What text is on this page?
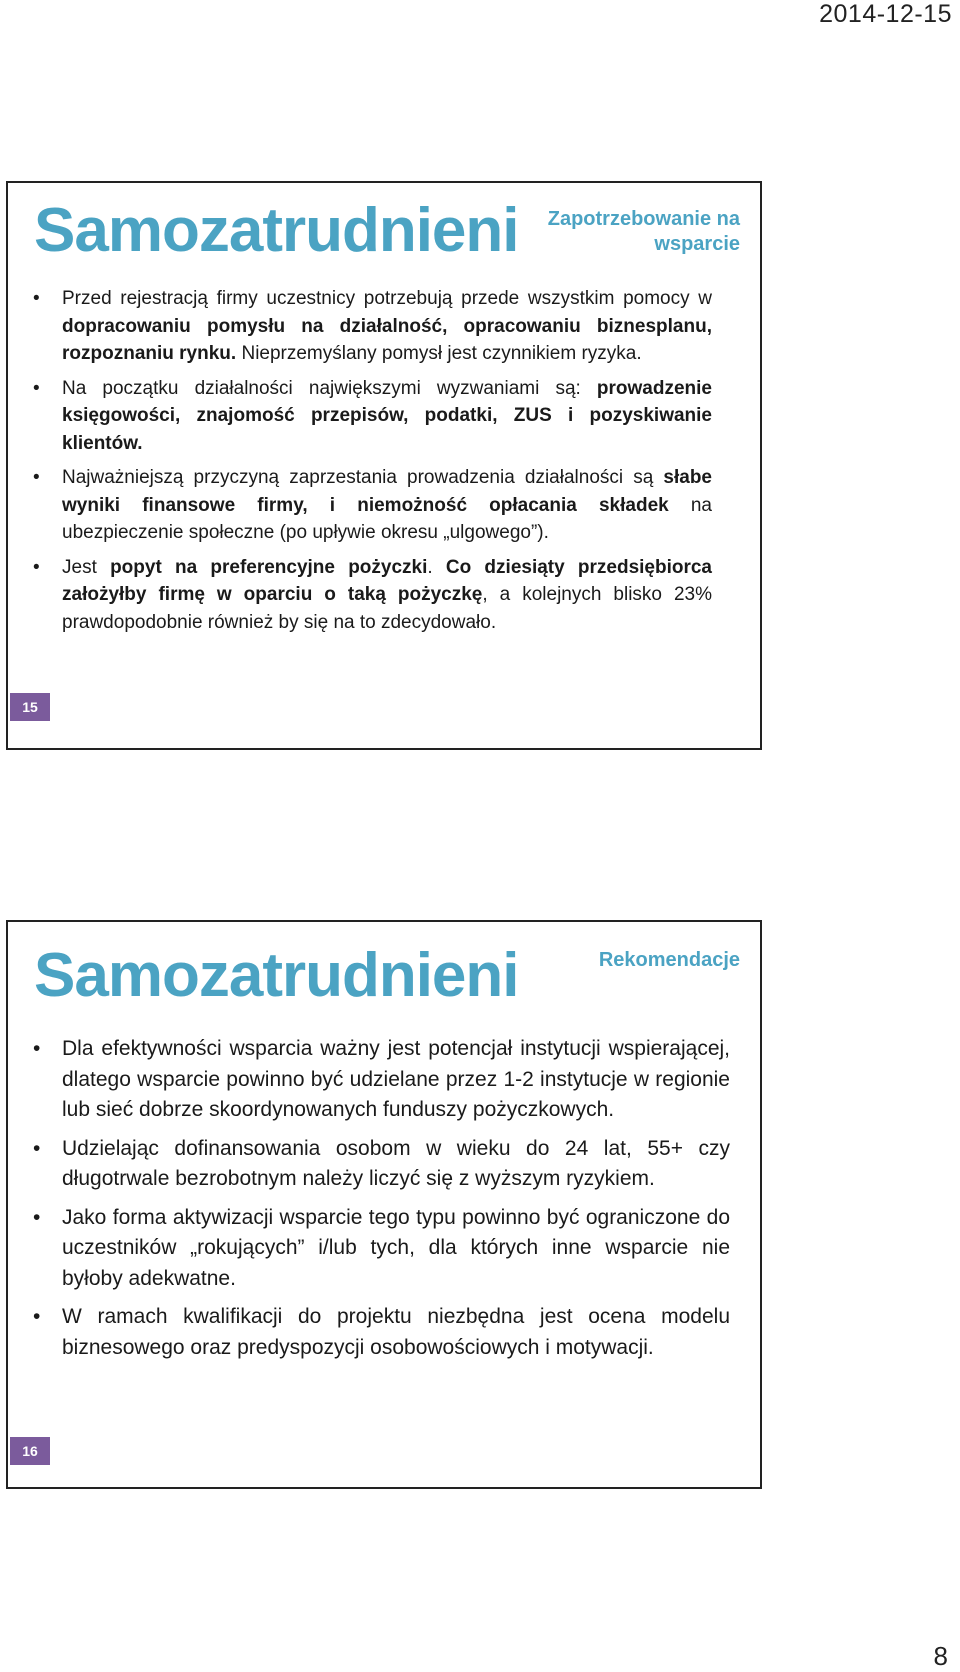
2014-12-15
Samozatrudnieni	Zapotrzebowanie na wsparcie
• Przed rejestracją firmy uczestnicy potrzebują przede wszystkim pomocy w dopracowaniu pomysłu na działalność, opracowaniu biznesplanu, rozpoznaniu rynku. Nieprzemyślany pomysł jest czynnikiem ryzyka.
• Na początku działalności największymi wyzwaniami są: prowadzenie księgowości, znajomość przepisów, podatki, ZUS i pozyskiwanie klientów.
• Najważniejszą przyczyną zaprzestania prowadzenia działalności są słabe wyniki finansowe firmy, i niemożność opłacania składek na ubezpieczenie społeczne (po upływie okresu „ulgowego”).
• Jest popyt na preferencyjne pożyczki. Co dziesiąty przedsiębiorca założyłby firmę w oparciu o taką pożyczkę, a kolejnych blisko 23% prawdopodobnie również by się na to zdecydowało.
15
Samozatrudnieni	Rekomendacje
• Dla efektywności wsparcia ważny jest potencjał instytucji wspierającej, dlatego wsparcie powinno być udzielane przez 1-2 instytucje w regionie lub sieć dobrze skoordynowanych funduszy pożyczkowych.
• Udzielając dofinansowania osobom w wieku do 24 lat, 55+ czy długotrwale bezrobotnym należy liczyć się z wyższym ryzykiem.
• Jako forma aktywizacji wsparcie tego typu powinno być ograniczone do uczestników „rokujących” i/lub tych, dla których inne wsparcie nie byłoby adekwatne.
• W ramach kwalifikacji do projektu niezbędna jest ocena modelu biznesowego oraz predyspozycji osobowościowych i motywacji.
16
8
